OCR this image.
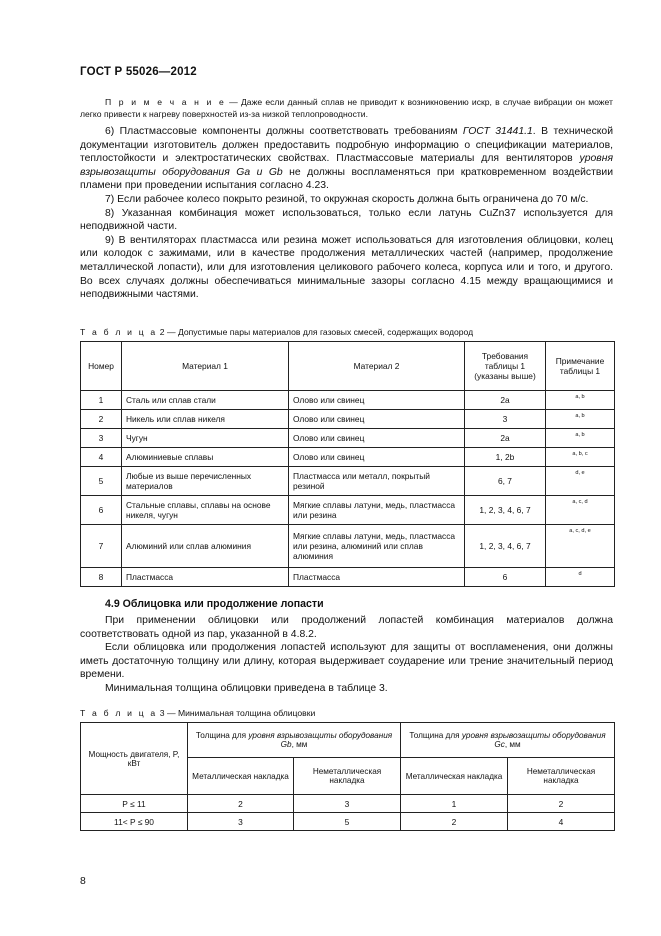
ГОСТ Р 55026—2012

П р и м е ч а н и е — Даже если данный сплав не приводит к возникновению искр, в случае вибрации он может легко привести к нагреву поверхностей из-за низкой теплопроводности.

6) Пластмассовые компоненты должны соответствовать требованиям ГОСТ 31441.1. В технической документации изготовитель должен предоставить подробную информацию о спецификации материалов, теплостойкости и электростатических свойствах. Пластмассовые материалы для вентиляторов уровня взрывозащиты оборудования Ga и Gb не должны воспламеняться при кратковременном воздействии пламени при проведении испытания согласно 4.23.

7) Если рабочее колесо покрыто резиной, то окружная скорость должна быть ограничена до 70 м/с.

8) Указанная комбинация может использоваться, только если латунь CuZn37 используется для неподвижной части.

9) В вентиляторах пластмасса или резина может использоваться для изготовления облицовки, колец или колодок с зажимами, или в качестве продолжения металлических частей (например, продолжение металлической лопасти), или для изготовления целикового рабочего колеса, корпуса или и того, и другого. Во всех случаях должны обеспечиваться минимальные зазоры согласно 4.15 между вращающимися и неподвижными частями.

Т а б л и ц а 2 — Допустимые пары материалов для газовых смесей, содержащих водород
Номер	Материал 1	Материал 2	Требования таблицы 1 (указаны выше)	Примечание таблицы 1
1	Сталь или сплав стали	Олово или свинец	2a	a, b
2	Никель или сплав никеля	Олово или свинец	3	a, b
3	Чугун	Олово или свинец	2a	a, b
4	Алюминиевые сплавы	Олово или свинец	1, 2b	a, b, c
5	Любые из выше перечисленных материалов	Пластмасса или металл, покрытый резиной	6, 7	d, e
6	Стальные сплавы, сплавы на основе никеля, чугун	Мягкие сплавы латуни, медь, пластмасса или резина	1, 2, 3, 4, 6, 7	a, c, d
7	Алюминий или сплав алюминия	Мягкие сплавы латуни, медь, пластмасса или резина, алюминий или сплав алюминия	1, 2, 3, 4, 6, 7	a, c, d, e
8	Пластмасса	Пластмасса	6	d
4.9 Облицовка или продолжение лопасти

При применении облицовки или продолжений лопастей комбинация материалов должна соответствовать одной из пар, указанной в 4.8.2.

Если облицовка или продолжения лопастей используют для защиты от воспламенения, они должны иметь достаточную толщину или длину, которая выдерживает соударение или трение значительный период времени.

Минимальная толщина облицовки приведена в таблице 3.

Т а б л и ц а 3 — Минимальная толщина облицовки
Мощность двигателя, P, кВт	Толщина для уровня взрывозащиты оборудования Gb, мм		Толщина для уровня взрывозащиты оборудования Gc, мм	
	Металлическая накладка	Неметаллическая накладка	Металлическая накладка	Неметаллическая накладка
P ≤ 11	2	3	1	2
11< P ≤ 90	3	5	2	4
8
